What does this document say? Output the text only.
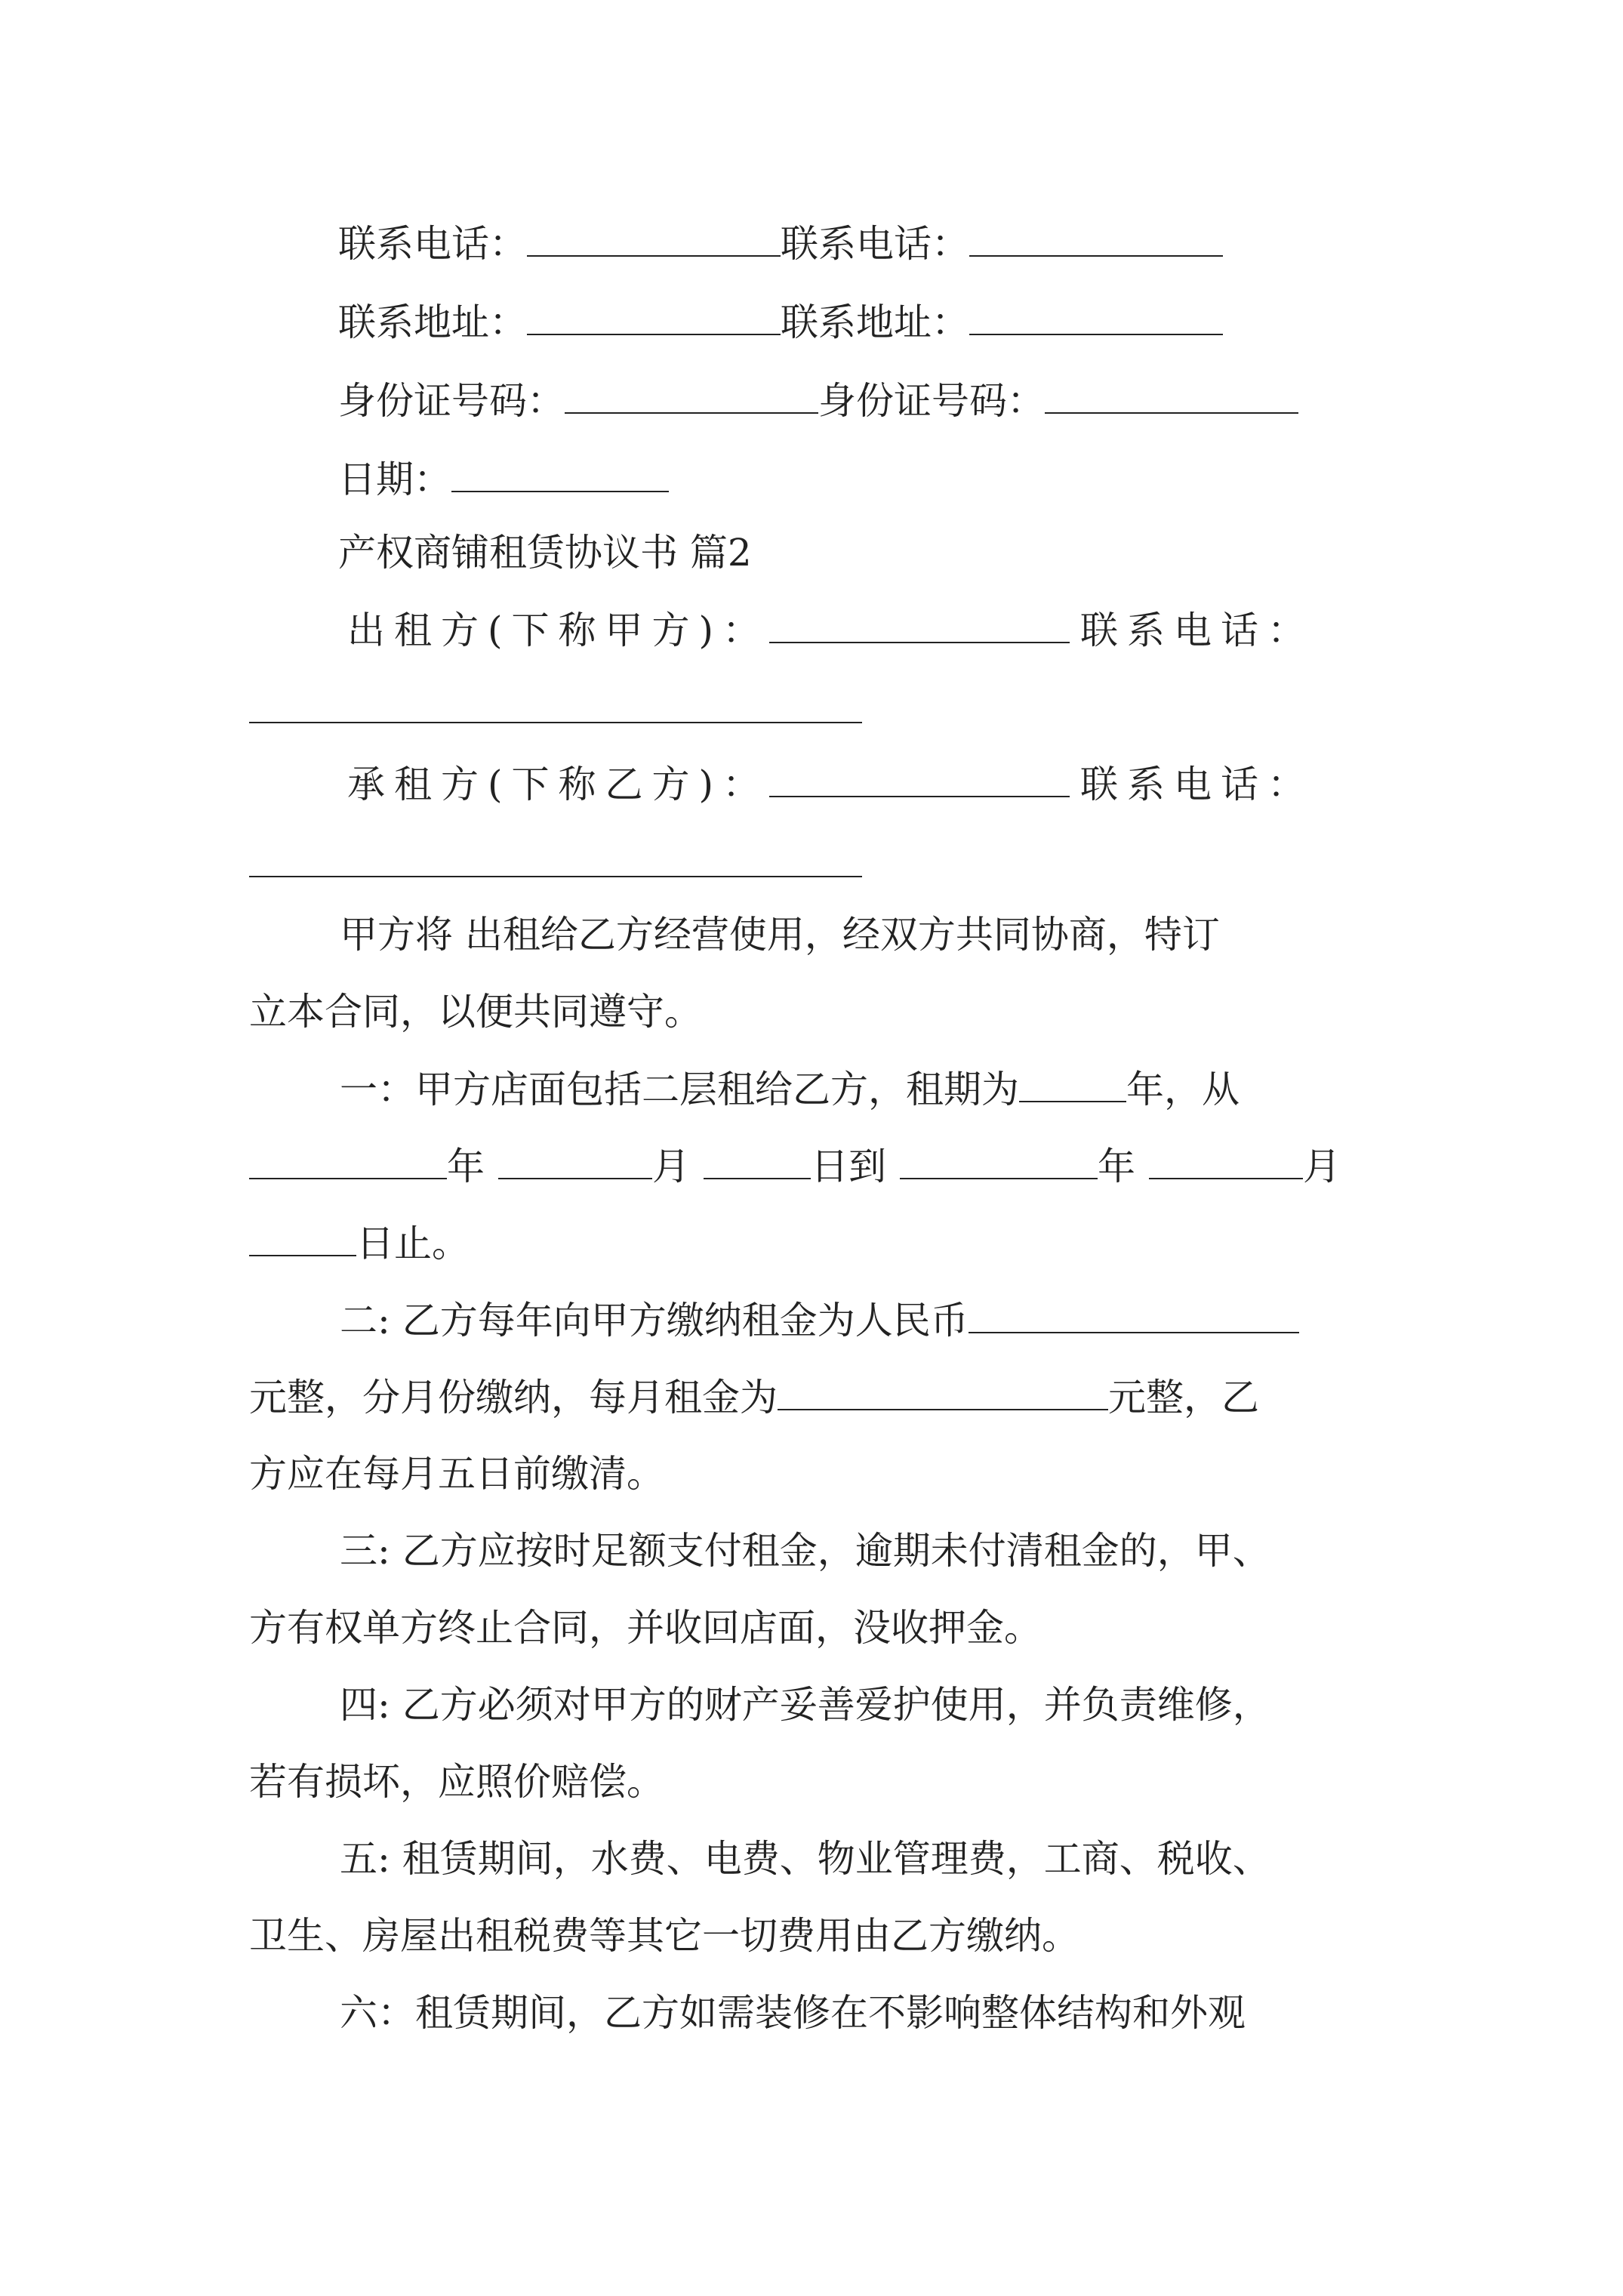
联系电话：	联系电话：
联系地址：	联系地址：
身份证号码：	身份证号码：
日期：
产权商铺租赁协议书 篇2
出租方(下称甲方)：	联系电话：
承租方(下称乙方)：	联系电话：
甲方将 出租给乙方经营使用，经双方共同协商，特订
立本合同，以便共同遵守。
一：甲方店面包括二层租给乙方，租期为	年，从
年	月	日到	年	月
日止。
二: 乙方每年向甲方缴纳租金为人民币
元整，分月份缴纳，每月租金为	元整，乙
方应在每月五日前缴清。
三: 乙方应按时足额支付租金，逾期未付清租金的，甲、
方有权单方终止合同，并收回店面，没收押金。
四: 乙方必须对甲方的财产妥善爱护使用，并负责维修，
若有损坏，应照价赔偿。
五: 租赁期间，水费、电费、物业管理费，工商、税收、
卫生、房屋出租税费等其它一切费用由乙方缴纳。
六：租赁期间，乙方如需装修在不影响整体结构和外观
